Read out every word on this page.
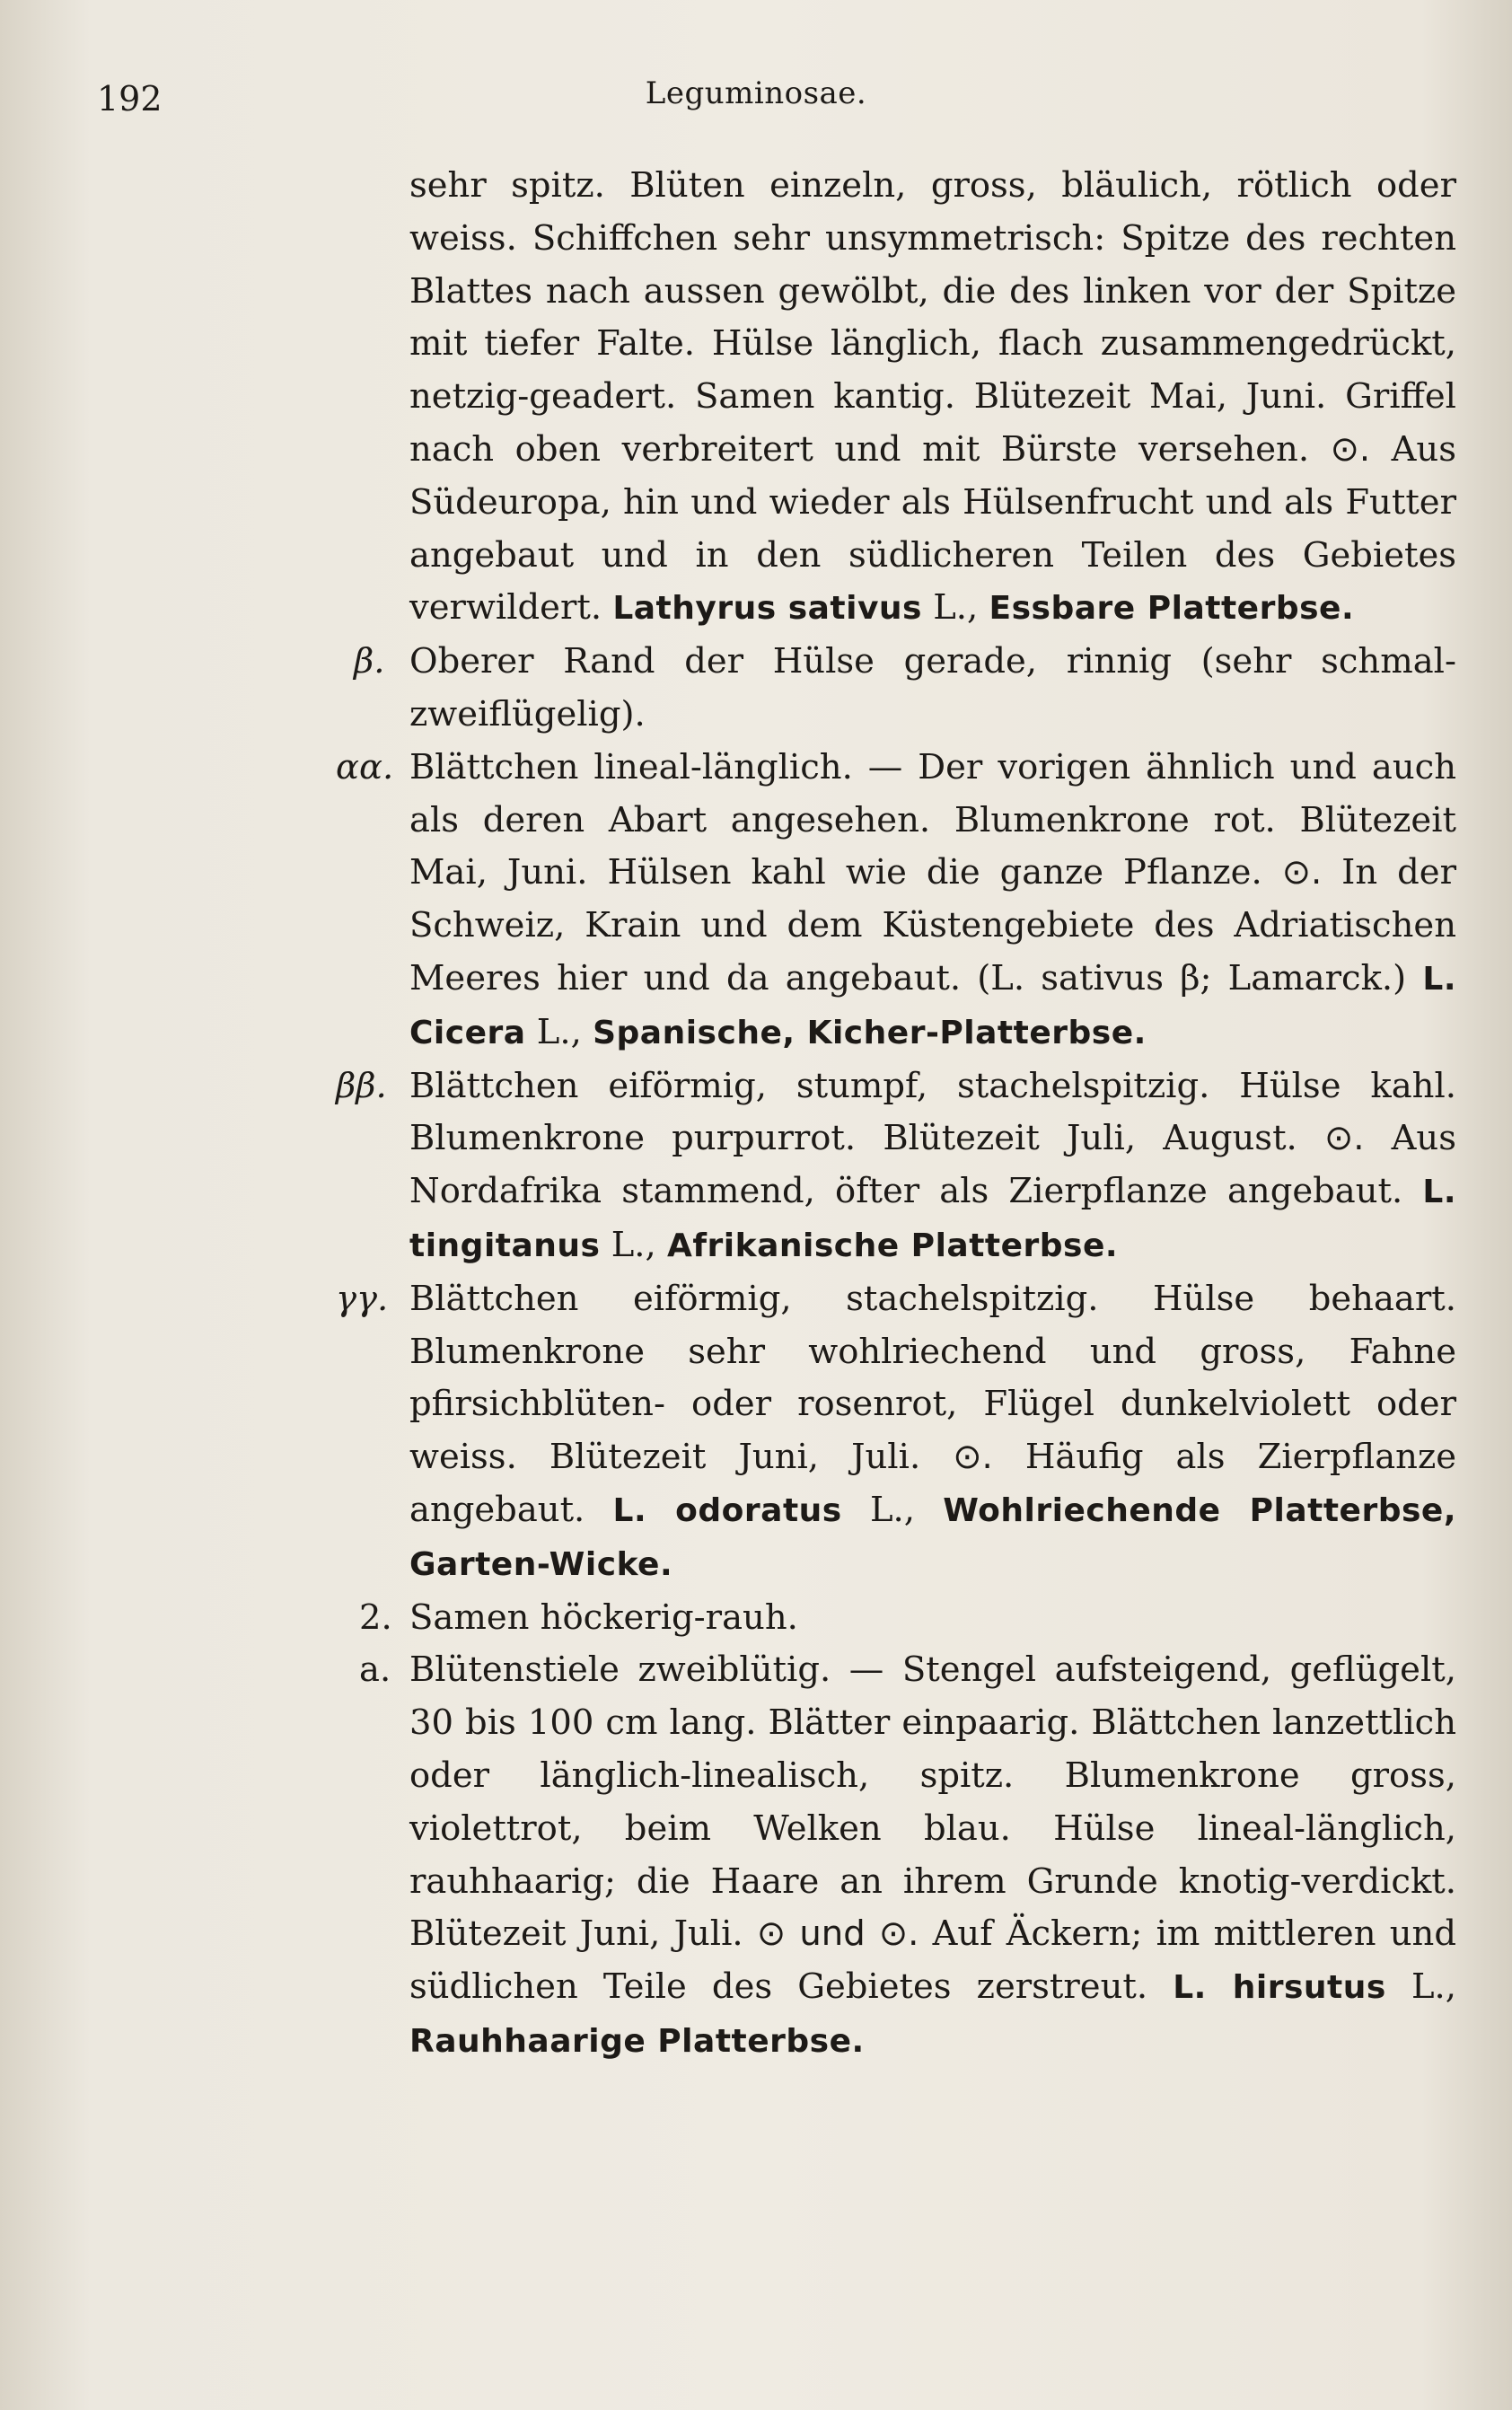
192	Leguminosae.

sehr spitz. Blüten einzeln, gross, bläulich, rötlich oder weiss. Schiffchen sehr unsymmetrisch: Spitze des rechten Blattes nach aussen gewölbt, die des linken vor der Spitze mit tiefer Falte. Hülse länglich, flach zusammengedrückt, netzig-geadert. Samen kantig. Blütezeit Mai, Juni. Griffel nach oben verbreitert und mit Bürste versehen. ⊙. Aus Südeuropa, hin und wieder als Hülsenfrucht und als Futter angebaut und in den südlicheren Teilen des Gebietes verwildert. Lathyrus sativus L., Essbare Platterbse.

β. Oberer Rand der Hülse gerade, rinnig (sehr schmal-zweiflügelig).

αα. Blättchen lineal-länglich. — Der vorigen ähnlich und auch als deren Abart angesehen. Blumenkrone rot. Blütezeit Mai, Juni. Hülsen kahl wie die ganze Pflanze. ⊙. In der Schweiz, Krain und dem Küstengebiete des Adriatischen Meeres hier und da angebaut. (L. sativus β; Lamarck.) L. Cicera L., Spanische, Kicher-Platterbse.

ββ. Blättchen eiförmig, stumpf, stachelspitzig. Hülse kahl. Blumenkrone purpurrot. Blütezeit Juli, August. ⊙. Aus Nordafrika stammend, öfter als Zierpflanze angebaut. L. tingitanus L., Afrikanische Platterbse.

γγ. Blättchen eiförmig, stachelspitzig. Hülse behaart. Blumenkrone sehr wohlriechend und gross, Fahne pfirsichblüten- oder rosenrot, Flügel dunkelviolett oder weiss. Blütezeit Juni, Juli. ⊙. Häufig als Zierpflanze angebaut. L. odoratus L., Wohlriechende Platterbse, Garten-Wicke.

2. Samen höckerig-rauh.

a. Blütenstiele zweiblütig. — Stengel aufsteigend, geflügelt, 30 bis 100 cm lang. Blätter einpaarig. Blättchen lanzettlich oder länglich-linealisch, spitz. Blumenkrone gross, violettrot, beim Welken blau. Hülse lineal-länglich, rauhhaarig; die Haare an ihrem Grunde knotig-verdickt. Blütezeit Juni, Juli. ⊙ und ⊙. Auf Äckern; im mittleren und südlichen Teile des Gebietes zerstreut. L. hirsutus L., Rauhhaarige Platterbse.
